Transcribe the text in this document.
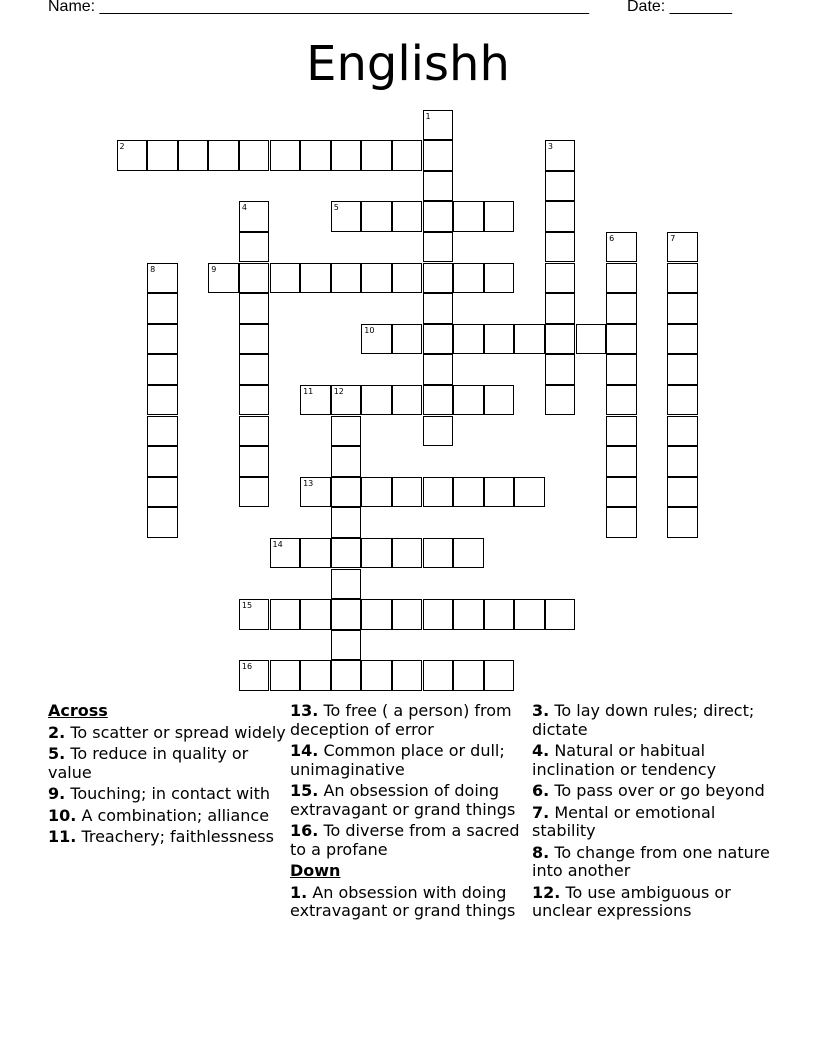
Name: _______________________________________________________ Date: _______
Englishh
1
2	3
4	5
6	7
8	9
10
11	12
13
14
15
16
Across
2. To scatter or spread widely
5. To reduce in quality or value
9. Touching; in contact with
10. A combination; alliance
11. Treachery; faithlessness
13. To free ( a person) from deception of error
14. Common place or dull; unimaginative
15. An obsession of doing extravagant or grand things
16. To diverse from a sacred to a profane
Down
1. An obsession with doing extravagant or grand things
3. To lay down rules; direct; dictate
4. Natural or habitual inclination or tendency
6. To pass over or go beyond
7. Mental or emotional stability
8. To change from one nature into another
12. To use ambiguous or unclear expressions
